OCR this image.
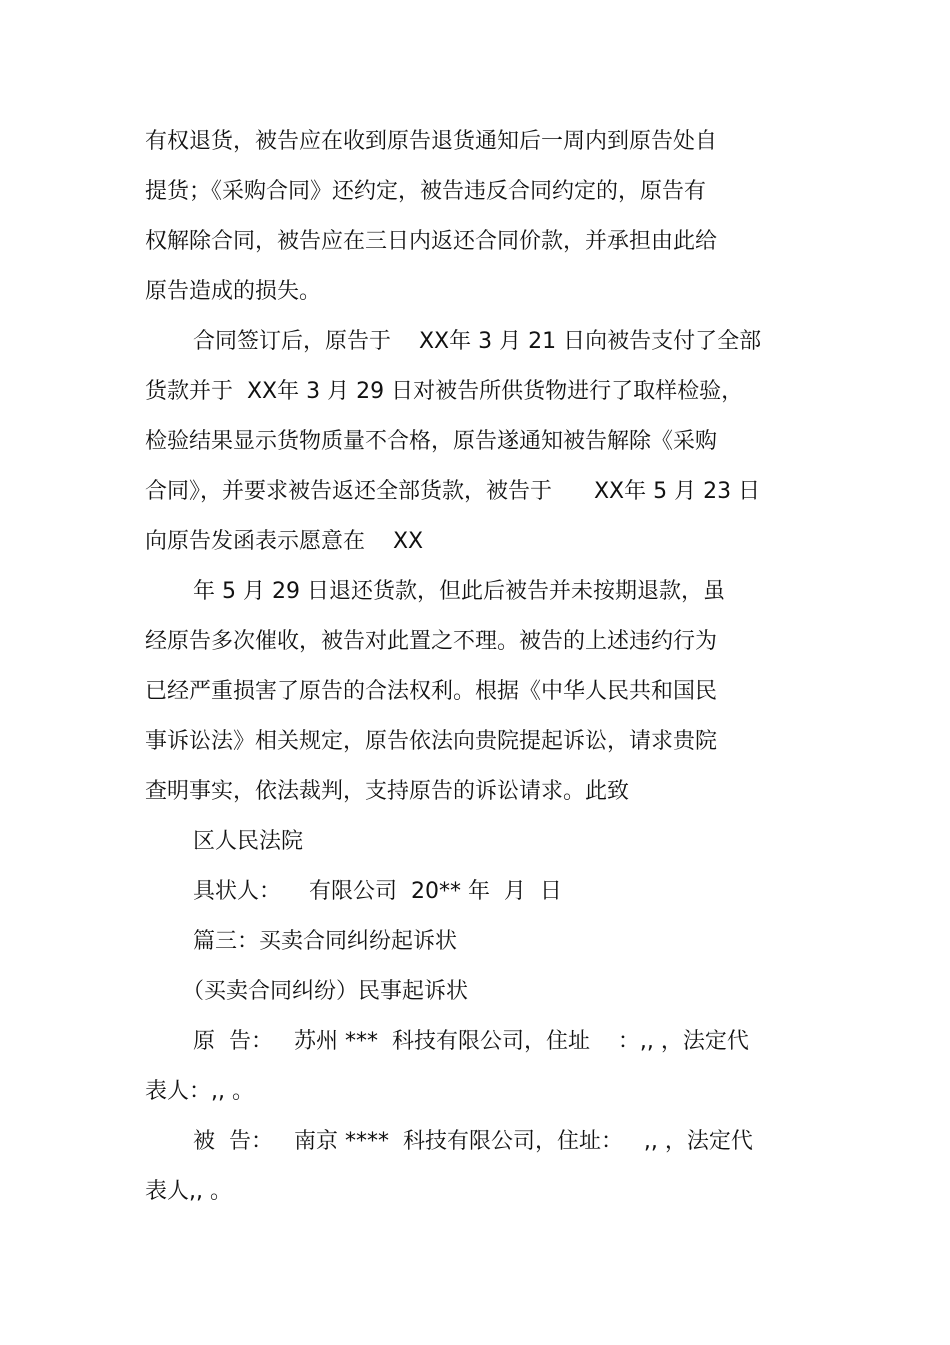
有权退货，被告应在收到原告退货通知后一周内到原告处自
提货；《采购合同》还约定，被告违反合同约定的，原告有
权解除合同，被告应在三日内返还合同价款，并承担由此给
原告造成的损失。
合同签订后，原告于    XX年 3 月 21 日向被告支付了全部
货款并于  XX年 3 月 29 日对被告所供货物进行了取样检验，
检验结果显示货物质量不合格，原告遂通知被告解除《采购
合同》，并要求被告返还全部货款，被告于      XX年 5 月 23 日
向原告发函表示愿意在    XX
年 5 月 29 日退还货款，但此后被告并未按期退款，虽
经原告多次催收，被告对此置之不理。被告的上述违约行为
已经严重损害了原告的合法权利。根据《中华人民共和国民
事诉讼法》相关规定，原告依法向贵院提起诉讼，请求贵院
查明事实，依法裁判，支持原告的诉讼请求。此致
区人民法院
具状人：    有限公司  20** 年  月  日
篇三：买卖合同纠纷起诉状
（买卖合同纠纷）民事起诉状
原  告：   苏州 ***  科技有限公司，住址    ：,, ，法定代
表人：,, 。
被  告：   南京 ****  科技有限公司，住址：   ,, ，法定代
表人,, 。
